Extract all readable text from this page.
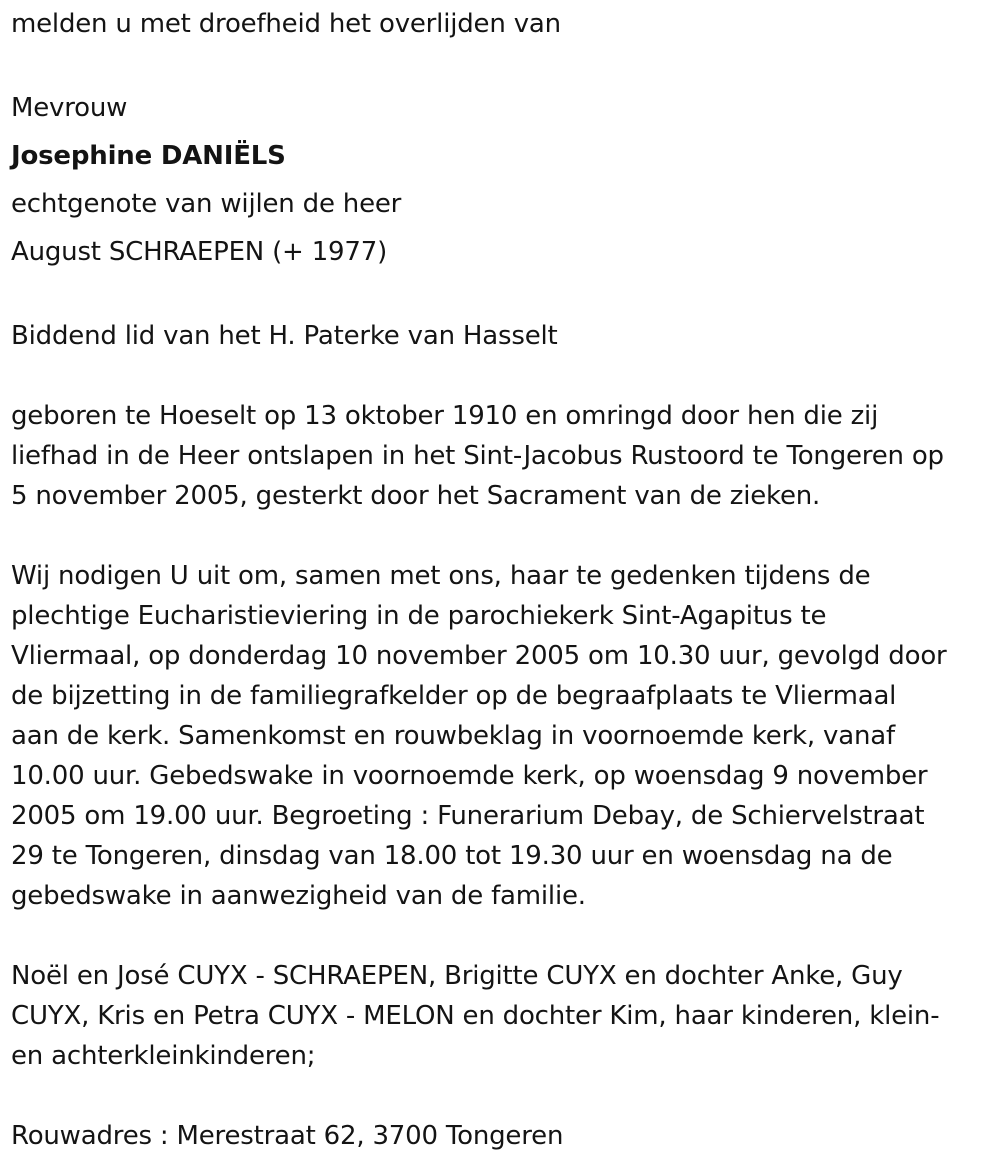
melden u met droefheid het overlijden van

Mevrouw

Josephine DANIËLS

echtgenote van wijlen de heer

August SCHRAEPEN (+ 1977)

Biddend lid van het H. Paterke van Hasselt

geboren te Hoeselt op 13 oktober 1910 en omringd door hen die zij

liefhad in de Heer ontslapen in het Sint-Jacobus Rustoord te Tongeren op

5 november 2005, gesterkt door het Sacrament van de zieken.

Wij nodigen U uit om, samen met ons, haar te gedenken tijdens de

plechtige Eucharistieviering in de parochiekerk Sint-Agapitus te

Vliermaal, op donderdag 10 november 2005 om 10.30 uur, gevolgd door

de bijzetting in de familiegrafkelder op de begraafplaats te Vliermaal

aan de kerk. Samenkomst en rouwbeklag in voornoemde kerk, vanaf

10.00 uur. Gebedswake in voornoemde kerk, op woensdag 9 november

2005 om 19.00 uur. Begroeting : Funerarium Debay, de Schiervelstraat

29 te Tongeren, dinsdag van 18.00 tot 19.30 uur en woensdag na de

gebedswake in aanwezigheid van de familie.

Noël en José CUYX - SCHRAEPEN, Brigitte CUYX en dochter Anke, Guy

CUYX, Kris en Petra CUYX - MELON en dochter Kim, haar kinderen, klein-

en achterkleinkinderen;

Rouwadres : Merestraat 62, 3700 Tongeren
